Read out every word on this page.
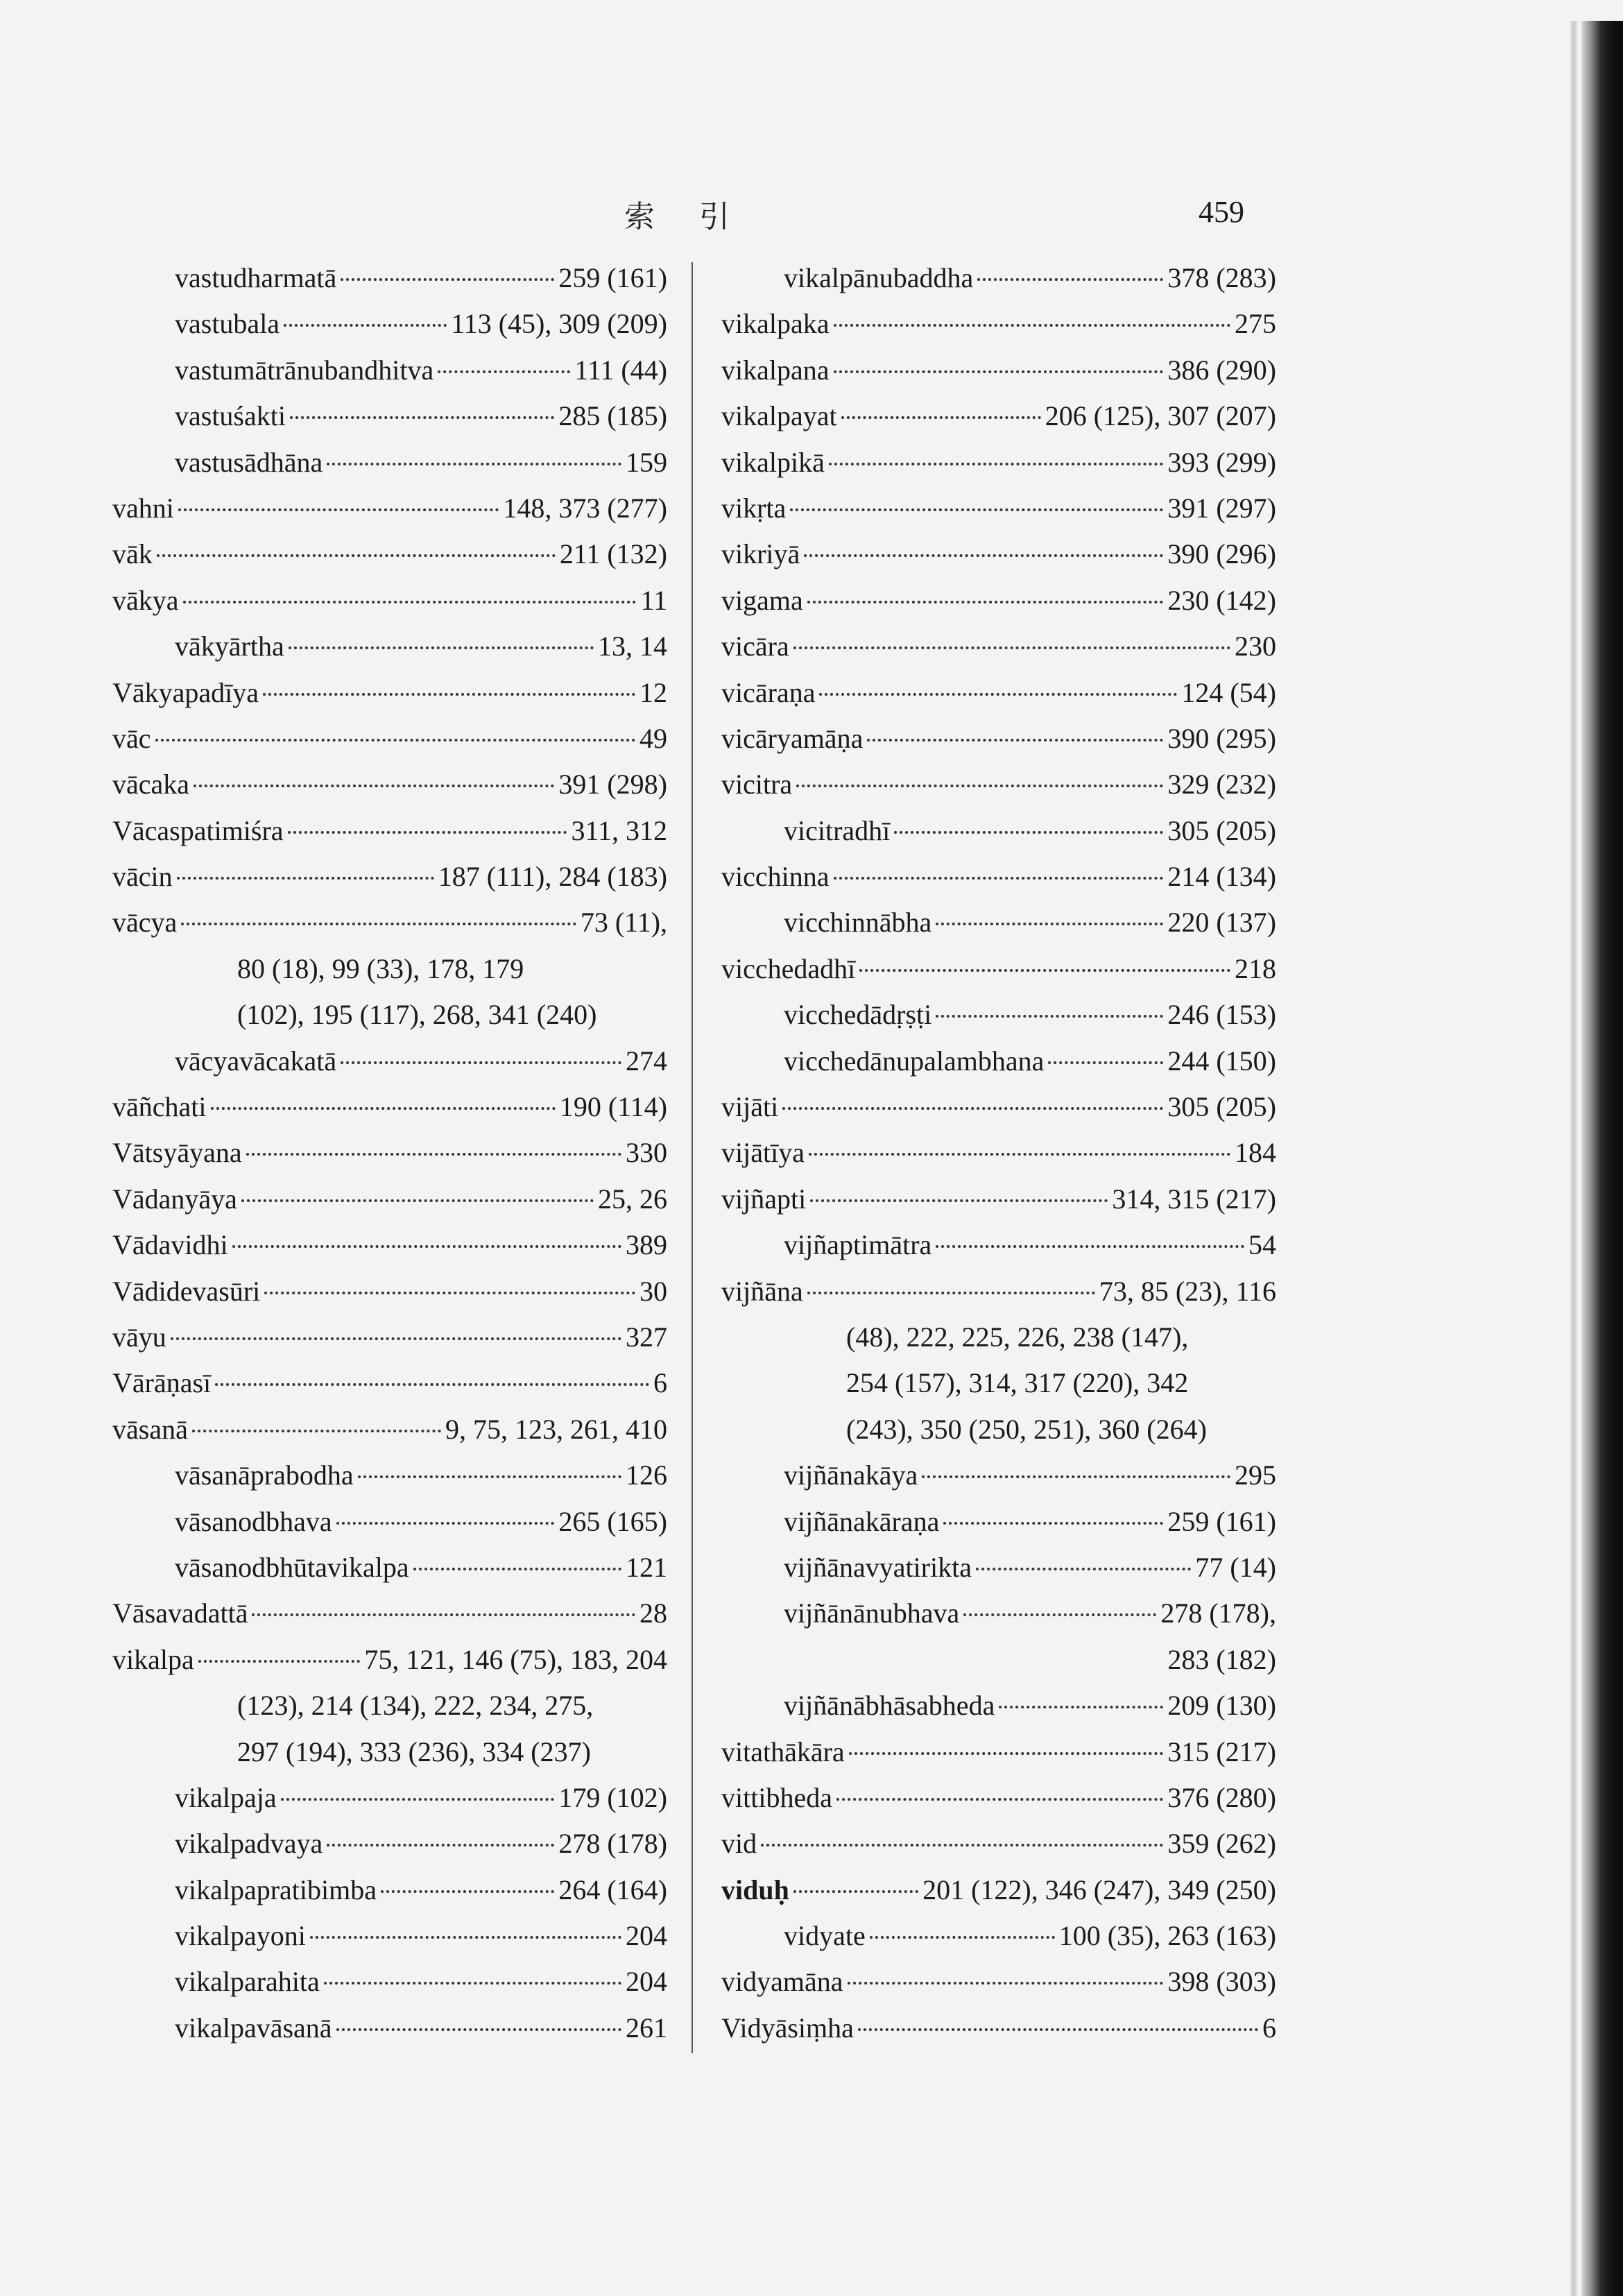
索引	459
vastudharmatā	259 (161)
vastubala	113 (45), 309 (209)
vastumātrānubandhitva	111 (44)
vastuśakti	285 (185)
vastusādhāna	159
vahni	148, 373 (277)
vāk	211 (132)
vākya	11
vākyārtha	13, 14
Vākyapadīya	12
vāc	49
vācaka	391 (298)
Vācaspatimiśra	311, 312
vācin	187 (111), 284 (183)
vācya	73 (11),
80 (18), 99 (33), 178, 179
(102), 195 (117), 268, 341 (240)
vācyavācakatā	274
vāñchati	190 (114)
Vātsyāyana	330
Vādanyāya	25, 26
Vādavidhi	389
Vādidevasūri	30
vāyu	327
Vārāṇasī	6
vāsanā	9, 75, 123, 261, 410
vāsanāprabodha	126
vāsanodbhava	265 (165)
vāsanodbhūtavikalpa	121
Vāsavadattā	28
vikalpa	75, 121, 146 (75), 183, 204
(123), 214 (134), 222, 234, 275,
297 (194), 333 (236), 334 (237)
vikalpaja	179 (102)
vikalpadvaya	278 (178)
vikalpapratibimba	264 (164)
vikalpayoni	204
vikalparahita	204
vikalpavāsanā	261
vikalpānubaddha	378 (283)
vikalpaka	275
vikalpana	386 (290)
vikalpayat	206 (125), 307 (207)
vikalpikā	393 (299)
vikṛta	391 (297)
vikriyā	390 (296)
vigama	230 (142)
vicāra	230
vicāraṇa	124 (54)
vicāryamāṇa	390 (295)
vicitra	329 (232)
vicitradhī	305 (205)
vicchinna	214 (134)
vicchinnābha	220 (137)
vicchedadhī	218
vicchedādṛṣṭi	246 (153)
vicchedānupalambhana	244 (150)
vijāti	305 (205)
vijātīya	184
vijñapti	314, 315 (217)
vijñaptimātra	54
vijñāna	73, 85 (23), 116
(48), 222, 225, 226, 238 (147),
254 (157), 314, 317 (220), 342
(243), 350 (250, 251), 360 (264)
vijñānakāya	295
vijñānakāraṇa	259 (161)
vijñānavyatirikta	77 (14)
vijñānānubhava	278 (178),
283 (182)
vijñānābhāsabheda	209 (130)
vitathākāra	315 (217)
vittibheda	376 (280)
vid	359 (262)
viduḥ	201 (122), 346 (247), 349 (250)
vidyate	100 (35), 263 (163)
vidyamāna	398 (303)
Vidyāsiṃha	6
